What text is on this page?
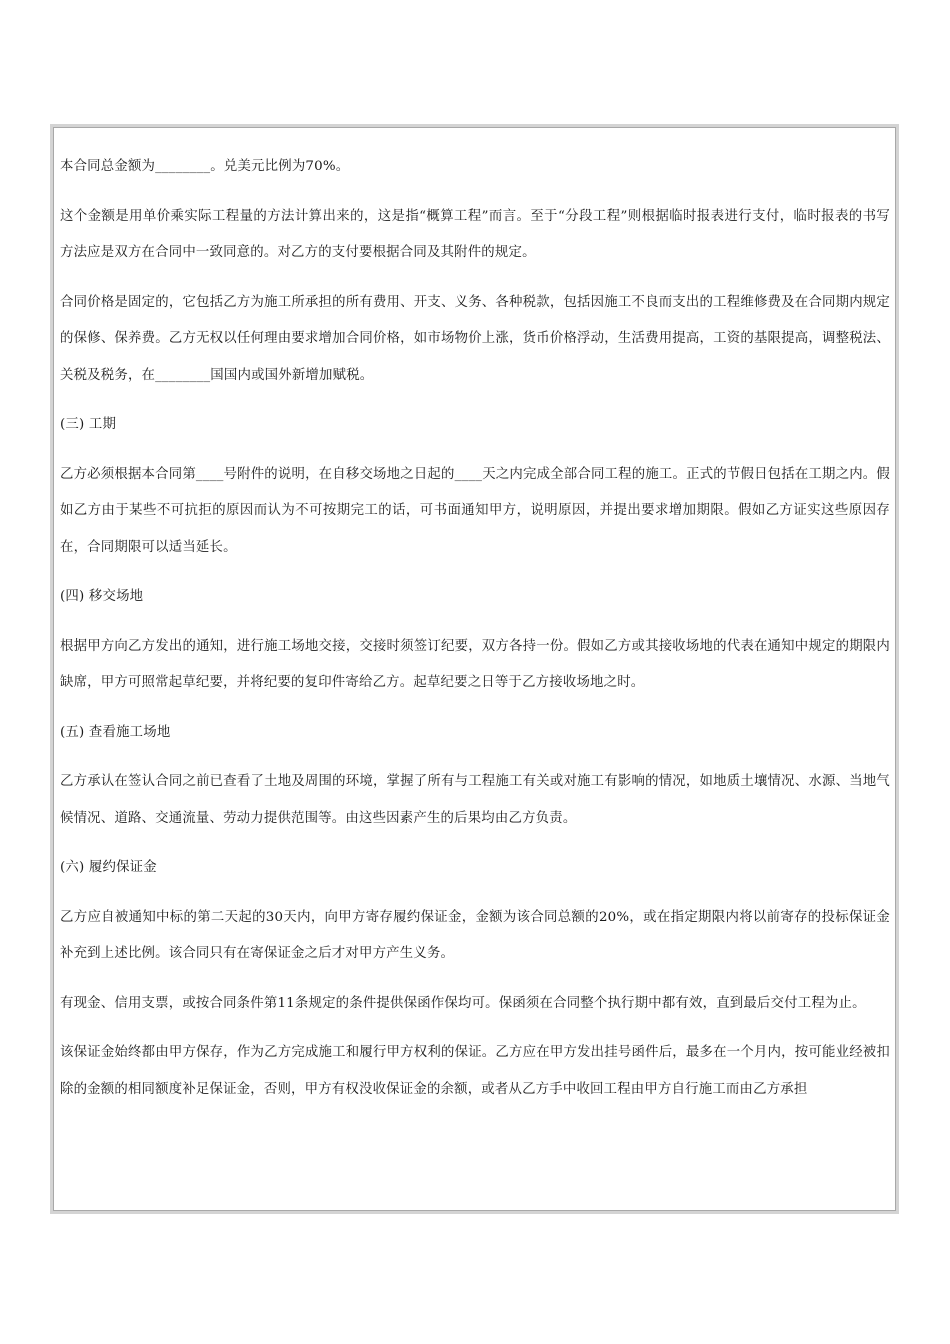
本合同总金额为________。兑美元比例为70%。

这个金额是用单价乘实际工程量的方法计算出来的，这是指“概算工程”而言。至于“分段工程”则根据临时报表进行支付，临时报表的书写方法应是双方在合同中一致同意的。对乙方的支付要根据合同及其附件的规定。

合同价格是固定的，它包括乙方为施工所承担的所有费用、开支、义务、各种税款，包括因施工不良而支出的工程维修费及在合同期内规定的保修、保养费。乙方无权以任何理由要求增加合同价格，如市场物价上涨，货币价格浮动，生活费用提高，工资的基限提高，调整税法、关税及税务，在________国国内或国外新增加赋税。

(三) 工期

乙方必须根据本合同第____号附件的说明，在自移交场地之日起的____天之内完成全部合同工程的施工。正式的节假日包括在工期之内。假如乙方由于某些不可抗拒的原因而认为不可按期完工的话，可书面通知甲方，说明原因，并提出要求增加期限。假如乙方证实这些原因存在，合同期限可以适当延长。

(四) 移交场地

根据甲方向乙方发出的通知，进行施工场地交接，交接时须签订纪要，双方各持一份。假如乙方或其接收场地的代表在通知中规定的期限内缺席，甲方可照常起草纪要，并将纪要的复印件寄给乙方。起草纪要之日等于乙方接收场地之时。

(五) 查看施工场地

乙方承认在签认合同之前已查看了土地及周围的环境，掌握了所有与工程施工有关或对施工有影响的情况，如地质土壤情况、水源、当地气候情况、道路、交通流量、劳动力提供范围等。由这些因素产生的后果均由乙方负责。

(六) 履约保证金

乙方应自被通知中标的第二天起的30天内，向甲方寄存履约保证金，金额为该合同总额的20%，或在指定期限内将以前寄存的投标保证金补充到上述比例。该合同只有在寄保证金之后才对甲方产生义务。

有现金、信用支票，或按合同条件第11条规定的条件提供保函作保均可。保函须在合同整个执行期中都有效，直到最后交付工程为止。

该保证金始终都由甲方保存，作为乙方完成施工和履行甲方权利的保证。乙方应在甲方发出挂号函件后，最多在一个月内，按可能业经被扣除的金额的相同额度补足保证金，否则，甲方有权没收保证金的余额，或者从乙方手中收回工程由甲方自行施工而由乙方承担
